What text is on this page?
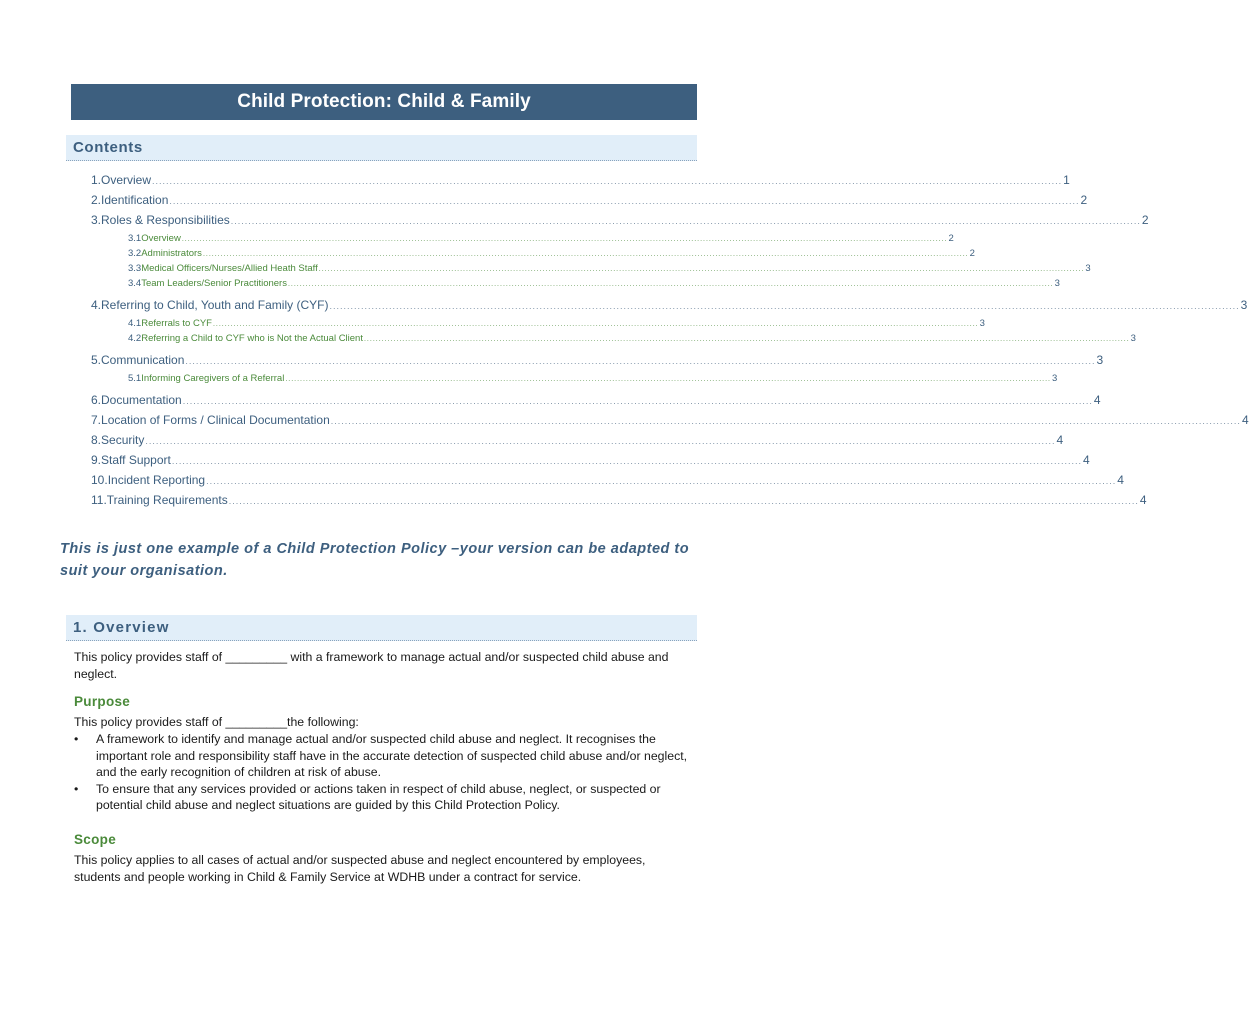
Child Protection: Child & Family
Contents
1. Overview .................................................................................................................................................................................................................................................................... 1
2. Identification .................................................................................................................................................................................................................................................................... 2
3. Roles & Responsibilities .................................................................................................................................................................................................................................................................... 2
3.1 Overview .................................................................................................................................................................................................................................................................... 2
3.2 Administrators .................................................................................................................................................................................................................................................................... 2
3.3 Medical Officers/Nurses/Allied Heath Staff .................................................................................................................................................................................................................................................................... 3
3.4 Team Leaders/Senior Practitioners .................................................................................................................................................................................................................................................................... 3
4. Referring to Child, Youth and Family (CYF) .................................................................................................................................................................................................................................................................... 3
4.1 Referrals to CYF .................................................................................................................................................................................................................................................................... 3
4.2 Referring a Child to CYF who is Not the Actual Client .................................................................................................................................................................................................................................................................... 3
5. Communication .................................................................................................................................................................................................................................................................... 3
5.1 Informing Caregivers of a Referral .................................................................................................................................................................................................................................................................... 3
6. Documentation .................................................................................................................................................................................................................................................................... 4
7. Location of Forms / Clinical Documentation .................................................................................................................................................................................................................................................................... 4
8. Security .................................................................................................................................................................................................................................................................... 4
9. Staff Support .................................................................................................................................................................................................................................................................... 4
10. Incident Reporting .................................................................................................................................................................................................................................................................... 4
11. Training Requirements .................................................................................................................................................................................................................................................................... 4
This is just one example of a Child Protection Policy –your version can be adapted to suit your organisation.
1. Overview
This policy provides staff of _________ with a framework to manage actual and/or suspected child abuse and neglect.
Purpose
This policy provides staff of _________the following:
•	A framework to identify and manage actual and/or suspected child abuse and neglect. It recognises the important role and responsibility staff have in the accurate detection of suspected child abuse and/or neglect, and the early recognition of children at risk of abuse.
•	To ensure that any services provided or actions taken in respect of child abuse, neglect, or suspected or potential child abuse and neglect situations are guided by this Child Protection Policy.
Scope
This policy applies to all cases of actual and/or suspected abuse and neglect encountered by employees, students and people working in Child & Family Service at WDHB under a contract for service.
